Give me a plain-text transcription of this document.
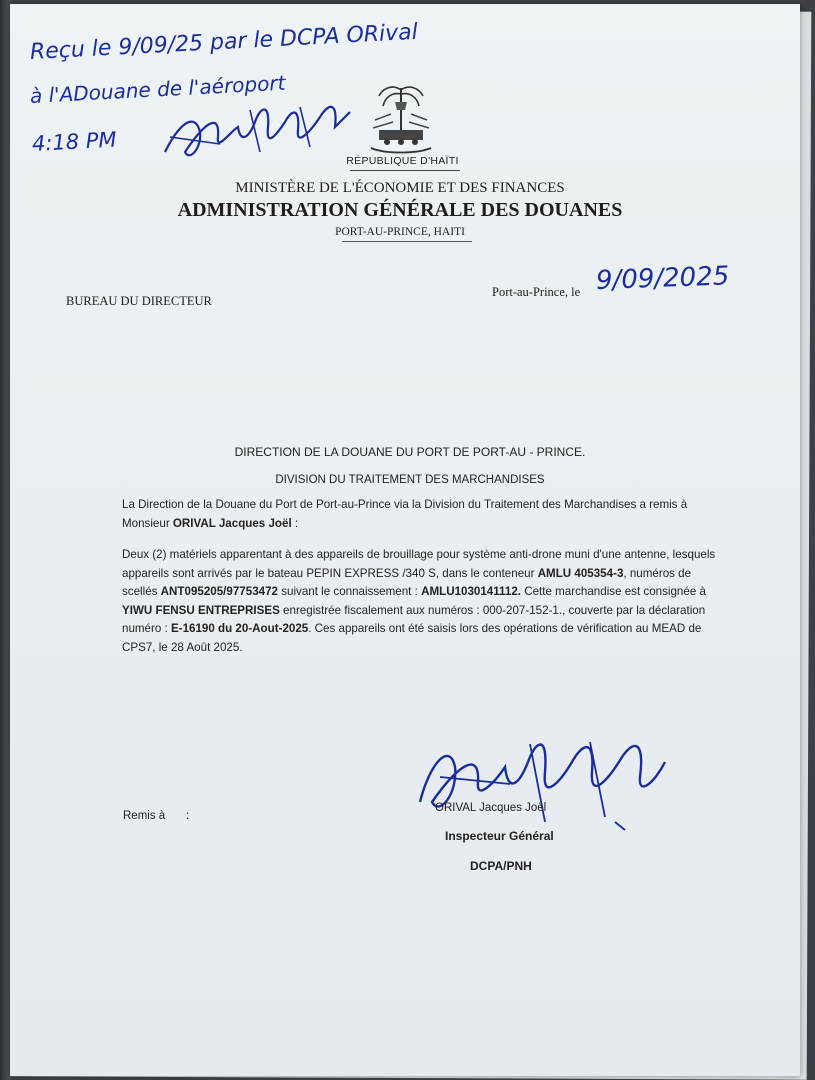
Reçu le 9/09/25 par le DCPA ORival
à l'ADouane de l'aéroport
4:18 PM
RÉPUBLIQUE D'HAÏTI
MINISTÈRE DE L'ÉCONOMIE ET DES FINANCES
ADMINISTRATION GÉNÉRALE DES DOUANES
PORT-AU-PRINCE, HAITI
BUREAU DU DIRECTEUR
Port-au-Prince, le 9/09/2025
DIRECTION DE LA DOUANE DU PORT DE PORT-AU - PRINCE.
DIVISION DU TRAITEMENT DES MARCHANDISES
La Direction de la Douane du Port de Port-au-Prince via la Division du Traitement des Marchandises a remis à Monsieur ORIVAL Jacques Joël :
Deux (2) matériels apparentant à des appareils de brouillage pour système anti-drone muni d'une antenne, lesquels appareils sont arrivés par le bateau PEPIN EXPRESS /340 S, dans le conteneur AMLU 405354-3, numéros de scellés ANT095205/97753472 suivant le connaissement : AMLU1030141112. Cette marchandise est consignée à YIWU FENSU ENTREPRISES enregistrée fiscalement aux numéros : 000-207-152-1., couverte par la déclaration numéro : E-16190 du 20-Aout-2025. Ces appareils ont été saisis lors des opérations de vérification au MEAD de CPS7, le 28 Août 2025.
Remis à :
ORIVAL Jacques Joël
Inspecteur Général
DCPA/PNH
